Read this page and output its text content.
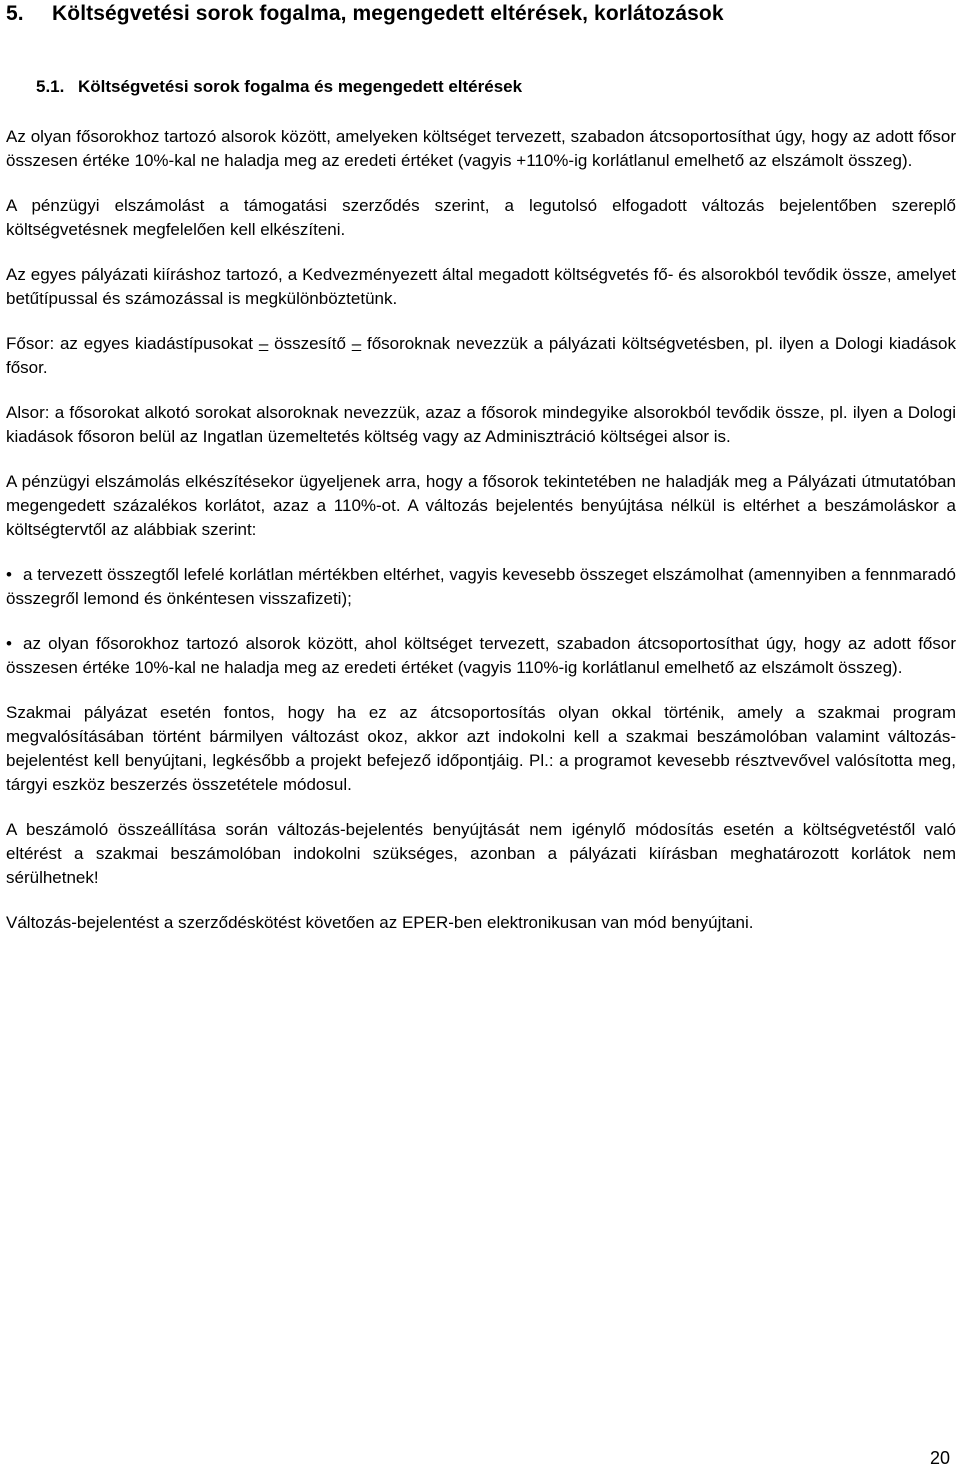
5. Költségvetési sorok fogalma, megengedett eltérések, korlátozások
5.1. Költségvetési sorok fogalma és megengedett eltérések

Az olyan fősorokhoz tartozó alsorok között, amelyeken költséget tervezett, szabadon átcsoportosíthat úgy, hogy az adott fősor összesen értéke 10%-kal ne haladja meg az eredeti értéket (vagyis +110%-ig korlátlanul emelhető az elszámolt összeg).

A pénzügyi elszámolást a támogatási szerződés szerint, a legutolsó elfogadott változás bejelentőben szereplő költségvetésnek megfelelően kell elkészíteni.

Az egyes pályázati kiíráshoz tartozó, a Kedvezményezett által megadott költségvetés fő- és alsorokból tevődik össze, amelyet betűtípussal és számozással is megkülönböztetünk.

Fősor: az egyes kiadástípusokat – összesítő – fősoroknak nevezzük a pályázati költségvetésben, pl. ilyen a Dologi kiadások fősor.

Alsor: a fősorokat alkotó sorokat alsoroknak nevezzük, azaz a fősorok mindegyike alsorokból tevődik össze, pl. ilyen a Dologi kiadások fősoron belül az Ingatlan üzemeltetés költség vagy az Adminisztráció költségei alsor is.

A pénzügyi elszámolás elkészítésekor ügyeljenek arra, hogy a fősorok tekintetében ne haladják meg a Pályázati útmutatóban megengedett százalékos korlátot, azaz a 110%-ot. A változás bejelentés benyújtása nélkül is eltérhet a beszámoláskor a költségtervtől az alábbiak szerint:

• a tervezett összegtől lefelé korlátlan mértékben eltérhet, vagyis kevesebb összeget elszámolhat (amennyiben a fennmaradó összegről lemond és önkéntesen visszafizeti);

• az olyan fősorokhoz tartozó alsorok között, ahol költséget tervezett, szabadon átcsoportosíthat úgy, hogy az adott fősor összesen értéke 10%-kal ne haladja meg az eredeti értéket (vagyis 110%-ig korlátlanul emelhető az elszámolt összeg).

Szakmai pályázat esetén fontos, hogy ha ez az átcsoportosítás olyan okkal történik, amely a szakmai program megvalósításában történt bármilyen változást okoz, akkor azt indokolni kell a szakmai beszámolóban valamint változás-bejelentést kell benyújtani, legkésőbb a projekt befejező időpontjáig. Pl.: a programot kevesebb résztvevővel valósította meg, tárgyi eszköz beszerzés összetétele módosul.

A beszámoló összeállítása során változás-bejelentés benyújtását nem igénylő módosítás esetén a költségvetéstől való eltérést a szakmai beszámolóban indokolni szükséges, azonban a pályázati kiírásban meghatározott korlátok nem sérülhetnek!

Változás-bejelentést a szerződéskötést követően az EPER-ben elektronikusan van mód benyújtani.

20
